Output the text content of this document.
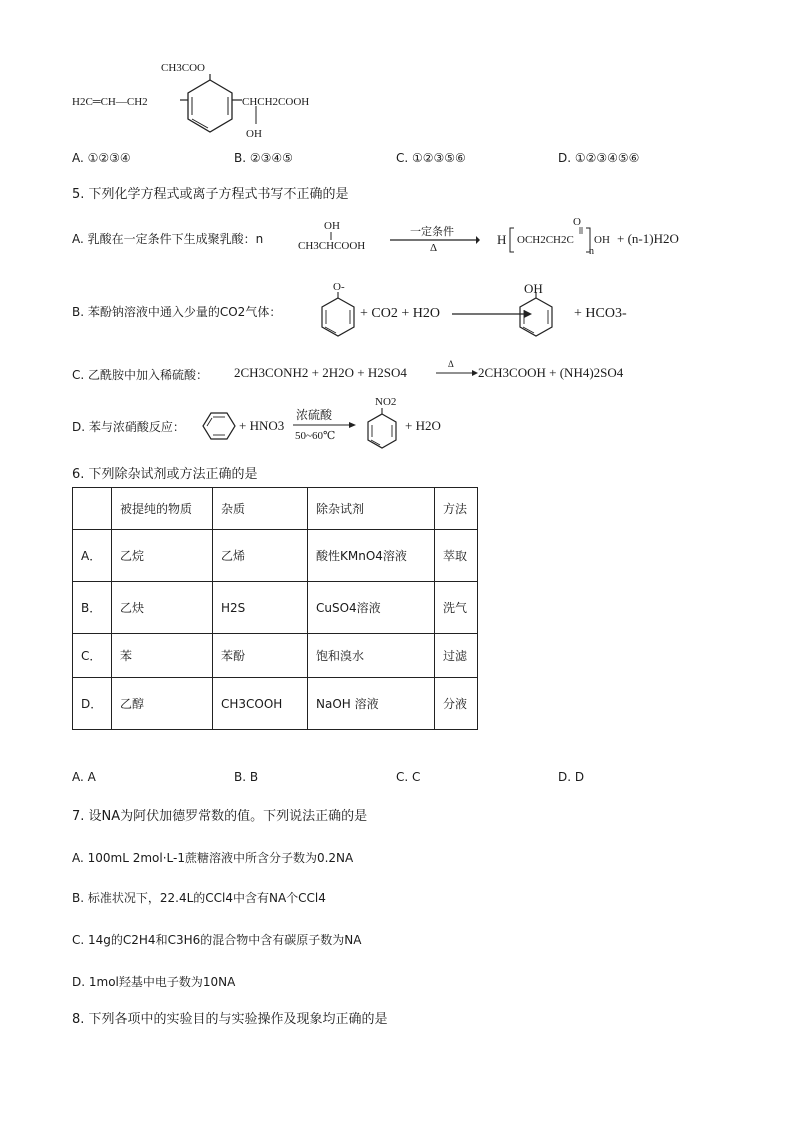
CH3COO
H2C═CH—CH2	CHCH2COOH
OH
A. ①②③④	B. ②③④⑤	C. ①②③⑤⑥	D. ①②③④⑤⑥
5. 下列化学方程式或离子方程式书写不正确的是
A. 乳酸在一定条件下生成聚乳酸：n
OH
CH3CHCOOH
一定条件
Δ
H
O
OCH2CH2C OH
n
+ (n-1)H2O
B. 苯酚钠溶液中通入少量的CO2气体：
O-
+ CO2 + H2O
OH
+ HCO3-
C. 乙酰胺中加入稀硫酸： 2CH3CONH2 + 2H2O + H2SO4
Δ
2CH3COOH + (NH4)2SO4
D. 苯与浓硝酸反应：	+ HNO3
浓硫酸
50~60℃
NO2
+ H2O
6. 下列除杂试剂或方法正确的是
	被提纯的物质	杂质	除杂试剂	方法
A．	乙烷	乙烯	酸性KMnO4溶液	萃取
B．	乙炔	H2S	CuSO4溶液	洗气
C．	苯	苯酚	饱和溴水	过滤
D．	乙醇	CH3COOH	NaOH 溶液	分液
A. A	B. B	C. C	D. D
7. 设NA为阿伏加德罗常数的值。下列说法正确的是
A. 100mL 2mol·L-1蔗糖溶液中所含分子数为0.2NA
B. 标准状况下，22.4L的CCl4中含有NA个CCl4
C. 14g的C2H4和C3H6的混合物中含有碳原子数为NA
D. 1mol羟基中电子数为10NA
8. 下列各项中的实验目的与实验操作及现象均正确的是
